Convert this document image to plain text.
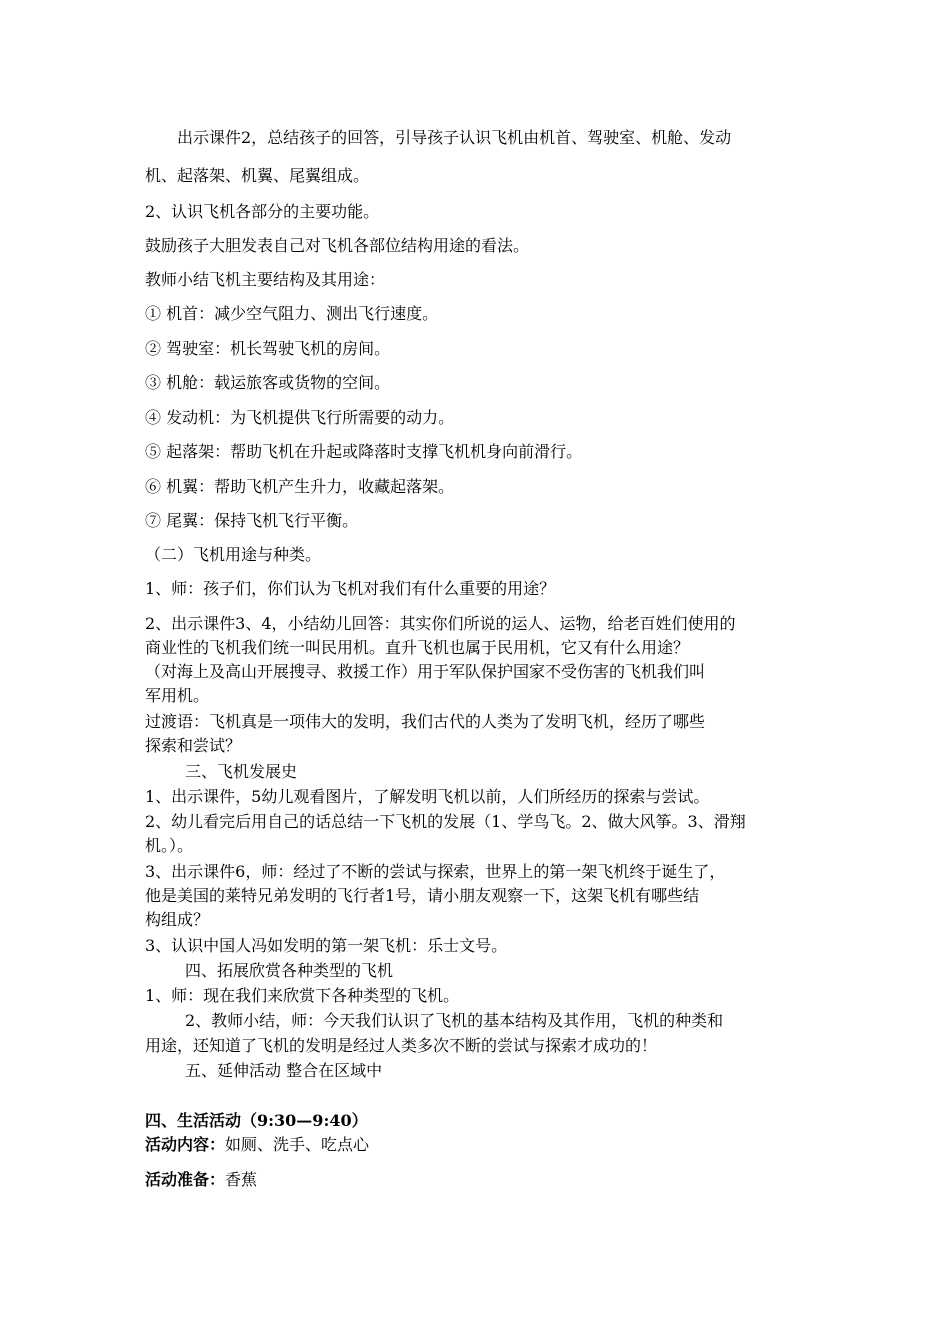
出示课件2，总结孩子的回答，引导孩子认识飞机由机首、驾驶室、机舱、发动
机、起落架、机翼、尾翼组成。
2、认识飞机各部分的主要功能。
鼓励孩子大胆发表自己对飞机各部位结构用途的看法。
教师小结飞机主要结构及其用途：
① 机首：减少空气阻力、测出飞行速度。
② 驾驶室：机长驾驶飞机的房间。
③ 机舱：载运旅客或货物的空间。
④ 发动机：为飞机提供飞行所需要的动力。
⑤ 起落架：帮助飞机在升起或降落时支撑飞机机身向前滑行。
⑥ 机翼：帮助飞机产生升力，收藏起落架。
⑦ 尾翼：保持飞机飞行平衡。
（二）飞机用途与种类。
1、师：孩子们，你们认为飞机对我们有什么重要的用途？
2、出示课件3、4，小结幼儿回答：其实你们所说的运人、运物，给老百姓们使用的
商业性的飞机我们统一叫民用机。直升飞机也属于民用机，它又有什么用途？
（对海上及高山开展搜寻、救援工作）用于军队保护国家不受伤害的飞机我们叫
军用机。
过渡语：飞机真是一项伟大的发明，我们古代的人类为了发明飞机，经历了哪些
探索和尝试？
三、飞机发展史
1、出示课件，5幼儿观看图片，了解发明飞机以前，人们所经历的探索与尝试。
2、幼儿看完后用自己的话总结一下飞机的发展（1、学鸟飞。2、做大风筝。3、滑翔
机。）。
3、出示课件6，师：经过了不断的尝试与探索，世界上的第一架飞机终于诞生了，
他是美国的莱特兄弟发明的飞行者1号，请小朋友观察一下，这架飞机有哪些结
构组成？
3、认识中国人冯如发明的第一架飞机：乐士文号。
四、拓展欣赏各种类型的飞机
1、师：现在我们来欣赏下各种类型的飞机。
2、教师小结，师：今天我们认识了飞机的基本结构及其作用，飞机的种类和
用途，还知道了飞机的发明是经过人类多次不断的尝试与探索才成功的！
五、延伸活动 整合在区域中
四、生活活动（9:30—9:40）
活动内容：如厕、洗手、吃点心
活动准备：香蕉
